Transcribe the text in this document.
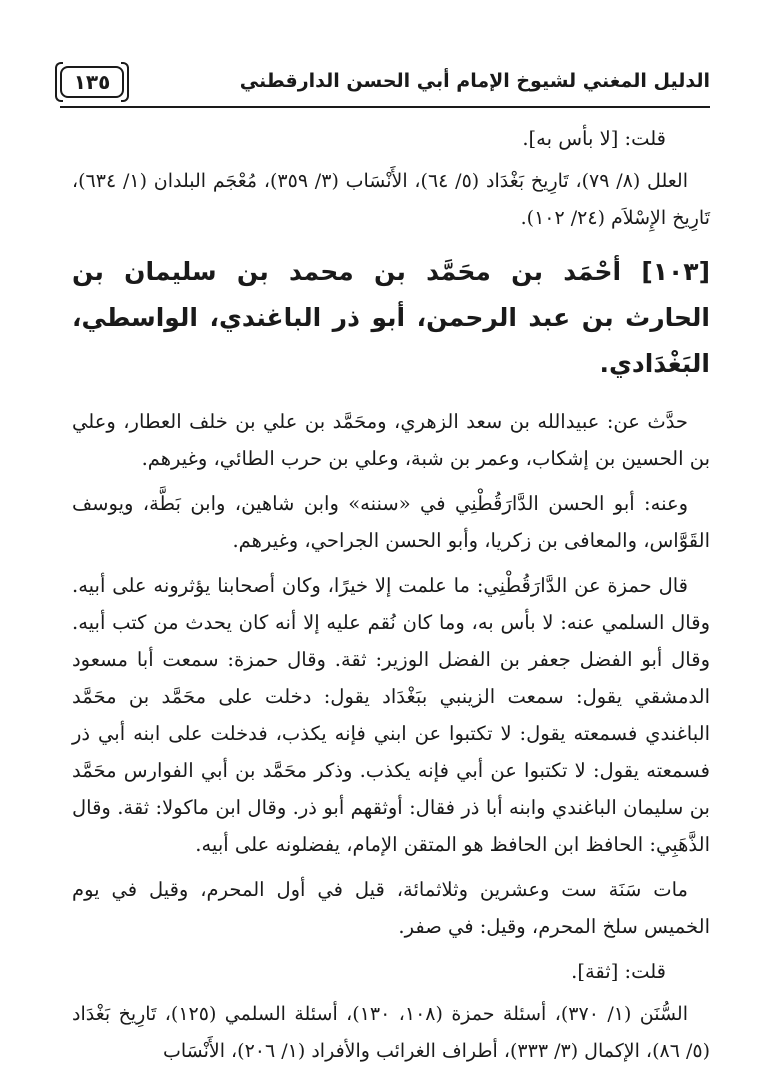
الدليل المغني لشيوخ الإمام أبي الحسن الدارقطني
١٣٥

قلت: [لا بأس به].

العلل (٨/ ٧٩)، تَارِيخ بَغْدَاد (٥/ ٦٤)، الأَنْسَاب (٣/ ٣٥٩)، مُعْجَم البلدان (١/ ٦٣٤)، تَارِيخ الإِسْلاَم (٢٤/ ١٠٢).

[١٠٣] أحْمَد بن محَمَّد بن محمد بن سليمان بن الحارث بن عبد الرحمن، أبو ذر الباغندي، الواسطي، البَغْدَادي.

حدَّث عن: عبيدالله بن سعد الزهري، ومحَمَّد بن علي بن خلف العطار، وعلي بن الحسين بن إشكاب، وعمر بن شبة، وعلي بن حرب الطائي، وغيرهم.

وعنه: أبو الحسن الدَّارَقُطْنِي في «سننه» وابن شاهين، وابن بَطَّة، ويوسف القَوَّاس، والمعافى بن زكريا، وأبو الحسن الجراحي، وغيرهم.

قال حمزة عن الدَّارَقُطْنِي: ما علمت إلا خيرًا، وكان أصحابنا يؤثرونه على أبيه. وقال السلمي عنه: لا بأس به، وما كان نُقم عليه إلا أنه كان يحدث من كتب أبيه. وقال أبو الفضل جعفر بن الفضل الوزير: ثقة. وقال حمزة: سمعت أبا مسعود الدمشقي يقول: سمعت الزينبي ببَغْدَاد يقول: دخلت على محَمَّد بن محَمَّد الباغندي فسمعته يقول: لا تكتبوا عن ابني فإنه يكذب، فدخلت على ابنه أبي ذر فسمعته يقول: لا تكتبوا عن أبي فإنه يكذب. وذكر محَمَّد بن أبي الفوارس محَمَّد بن سليمان الباغندي وابنه أبا ذر فقال: أوثقهم أبو ذر. وقال ابن ماكولا: ثقة. وقال الذَّهَبِي: الحافظ ابن الحافظ هو المتقن الإمام، يفضلونه على أبيه.

مات سَنَة ست وعشرين وثلاثمائة، قيل في أول المحرم، وقيل في يوم الخميس سلخ المحرم، وقيل: في صفر.

قلت: [ثقة].

السُّنَن (١/ ٣٧٠)، أسئلة حمزة (١٠٨، ١٣٠)، أسئلة السلمي (١٢٥)، تَارِيخ بَغْدَاد (٥/ ٨٦)، الإكمال (٣/ ٣٣٣)، أطراف الغرائب والأفراد (١/ ٢٠٦)، الأَنْسَاب
